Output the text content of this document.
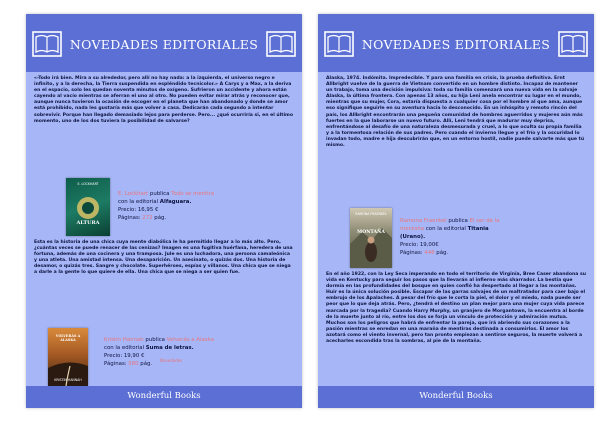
NOVEDADES EDITORIALES

«-Todo irá bien. Mira a su alrededor, pero allí no hay nada: a la izquierda, el universo negro e infinito, y a la derecha, la Tierra suspendida en espléndido tecnicolor.» A Carys y a Max, a la deriva en el espacio, solo les quedan noventa minutos de oxígeno. Sufrieron un accidente y ahora están cayendo al vacío mientras se aferran el uno al otro. No pueden evitar mirar atrás y reconocer que, aunque nunca tuvieron la ocasión de escoger en el planeta que han abandonado y donde se amor está prohibido, nada les gustaría más que volver a casa. Dedicarán cada segundo a intentar sobrevivir. Porque han llegado demasiado lejos para perderse. Pero... ¿qué ocurriría si, en el último momento, uno de los dos tuviera la posibilidad de salvarse?

ALTURA
E. LOCKHART
E. Lockhart publica Todo se mentira
con la editorial Alfaguara.
Precio: 16,95 €
Páginas: 272 pág.

Esta es la historia de una chica cuya mente diabólica le ha permitido llegar a lo más alto. Pero, ¿cuántas veces se puede renacer de las cenizas? Imagen es una fugitiva huérfana, heredera de una fortuna, además de una cocinera y una tramposa. Jule es una luchadora, una persona camaleónica y una atleta. Una amistad intensa. Una desaparición. Un asesinato, o quizás dos. Una historia de desamor, o quizás tres. Sangre y chocolate. Superhéroes, espías y villanos. Una chica que se niega a darle a la gente lo que quiere de ella. Una chica que se niega a ser quien fue.

VOLVERÁS A ALASKA
KRISTIN HANNAH
Kristin Hannah publica Volverás a Alaska
con la editorial Suma de letras.
Precio: 19,90 €
Páginas: 580 pág.
Novedades
Wonderful Books
NOVEDADES EDITORIALES

Alaska, 1974. Indómita. Impredecible. Y para una familia en crisis, la prueba definitiva. Ernt Allbright vuelve de la guerra de Vietnam convertido en un hombre distinto. Incapaz de mantener un trabajo, toma una decisión impulsiva: toda su familia comenzará una nueva vida en la salvaje Alaska, la última frontera. Con apenas 13 años, su hija Leni anela encontrar su lugar en el mundo, mientras que su mujer, Cora, estaría dispuesta a cualquier cosa por el hombre al que ama, aunque eso signifique seguirle en su aventura hacia lo desconocido. En un inhóspito y remoto rincón del país, los Allbright encontrarán una pequeña comunidad de hombres aguerridos y mujeres aún más fuertes en la que laborarse un nuevo futuro. Allí, Leni tendrá que madurar muy deprisa, enfrentándose al desafío de una naturaleza desmesurada y cruel, a lo que oculta su propia familia y a la tormentosa relación de sus padres. Pero cuando el invierno llegue y el frío y la oscuridad lo invadan todo, madre e hija descubrirán que, en un entorno hostil, nadie puede salvarte más que tú mismo.

MONTAÑA
RAMONA FRAENKEL
Ramona Fraenkel publica El ser de la montaña con la editorial Titania (Urano).
Precio: 19,00€
Páginas: 448 pág.

En el año 1922, con la Ley Seca imperando en todo el territorio de Virginia, Bree Caser abandona su vida en Kentucky para seguir los pasos que la llevarán al infierno más sharrador. La bestia que dormía en las profundidades del bosque en quien confió ha despertado al llegar a las montañas. Huir es la única solución posible. Escapar de las garras salvajes de un maltratador para caer bajo el embrujo de los Apalaches. A pesar del frío que le corta la piel, el dolor y el miedo, nada puede ser peor que lo que deja atrás. Pero, ¿tendrá el destino un plan mejor para una mujer cuya vida parece marcada por la tragedia? Cuando Harry Murphy, un granjero de Morgantown, la encuentra al borde de la muerte junto al río, entre los dos se forja un vínculo de protección y admiración mutua. Muchos son los peligros que habrá de enfrentar la pareja, que irá abriendo sus corazones a la pasión mientras se enredan en una maraña de mentiras destinada a consumirlos. El amor los azotará como el viento invernal, pero tan pronto empiezan a sentirse seguros, la muerte volverá a acecharles escondida tras la sombras, al pie de la montaña.

Wonderful Books
